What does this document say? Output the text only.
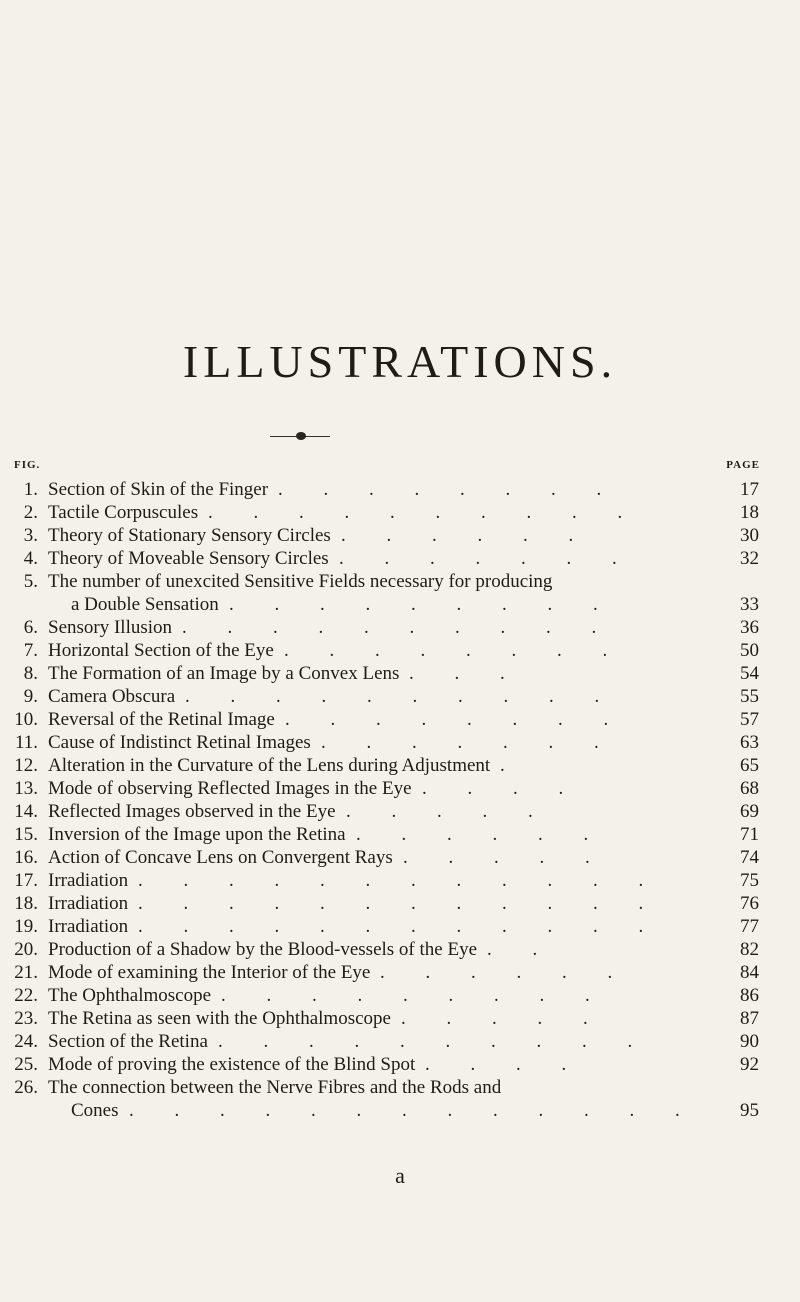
ILLUSTRATIONS.
FIG.	PAGE
1. Section of Skin of the Finger . . . . . . . .	17
2. Tactile Corpuscules . . . . . . . . . .	18
3. Theory of Stationary Sensory Circles . . . . . .	30
4. Theory of Moveable Sensory Circles . . . . . . .	32
5. The number of unexcited Sensitive Fields necessary for producing
a Double Sensation . . . . . . . . .	33
6. Sensory Illusion . . . . . . . . . .	36
7. Horizontal Section of the Eye . . . . . . . .	50
8. The Formation of an Image by a Convex Lens . . .	54
9. Camera Obscura . . . . . . . . . .	55
10. Reversal of the Retinal Image . . . . . . . .	57
11. Cause of Indistinct Retinal Images . . . . . . .	63
12. Alteration in the Curvature of the Lens during Adjustment .	65
13. Mode of observing Reflected Images in the Eye . . . .	68
14. Reflected Images observed in the Eye . . . . .	69
15. Inversion of the Image upon the Retina . . . . . .	71
16. Action of Concave Lens on Convergent Rays . . . . .	74
17. Irradiation . . . . . . . . . . . .	75
18. Irradiation . . . . . . . . . . . .	76
19. Irradiation . . . . . . . . . . . .	77
20. Production of a Shadow by the Blood-vessels of the Eye . .	82
21. Mode of examining the Interior of the Eye . . . . . .	84
22. The Ophthalmoscope . . . . . . . . .	86
23. The Retina as seen with the Ophthalmoscope . . . . .	87
24. Section of the Retina . . . . . . . . . .	90
25. Mode of proving the existence of the Blind Spot . . . .	92
26. The connection between the Nerve Fibres and the Rods and
Cones . . . . . . . . . . . . . 95
a
